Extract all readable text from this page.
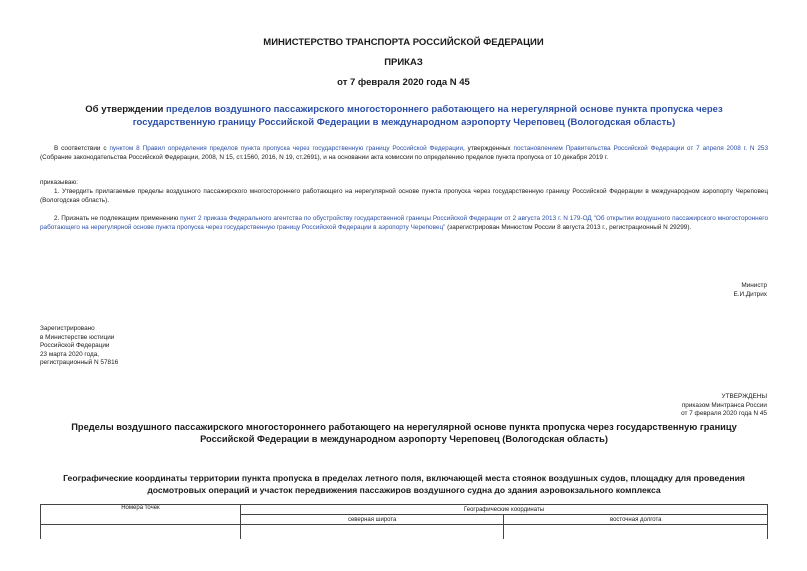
МИНИСТЕРСТВО ТРАНСПОРТА РОССИЙСКОЙ ФЕДЕРАЦИИ
ПРИКАЗ
от 7 февраля 2020 года N 45
Об утверждении пределов воздушного пассажирского многостороннего работающего на нерегулярной основе пункта пропуска через государственную границу Российской Федерации в международном аэропорту Череповец (Вологодская область)
В соответствии с пунктом 8 Правил определения пределов пункта пропуска через государственную границу Российской Федерации, утвержденных постановлением Правительства Российской Федерации от 7 апреля 2008 г. N 253 (Собрание законодательства Российской Федерации, 2008, N 15, ст.1560, 2016, N 19, ст.2691), и на основании акта комиссии по определению пределов пункта пропуска от 10 декабря 2019 г.
приказываю:
1. Утвердить прилагаемые пределы воздушного пассажирского многостороннего работающего на нерегулярной основе пункта пропуска через государственную границу Российской Федерации в международном аэропорту Череповец (Вологодская область).
2. Признать не подлежащим применению пункт 2 приказа Федерального агентства по обустройству государственной границы Российской Федерации от 2 августа 2013 г. N 179-ОД "Об открытии воздушного пассажирского многостороннего работающего на нерегулярной основе пункта пропуска через государственную границу Российской Федерации в аэропорту Череповец" (зарегистрирован Минюстом России 8 августа 2013 г., регистрационный N 29299).
Министр
Е.И.Дитрих
Зарегистрировано
в Министерстве юстиции
Российской Федерации
23 марта 2020 года,
регистрационный N 57816
УТВЕРЖДЕНЫ
приказом Минтранса России
от 7 февраля 2020 года N 45
Пределы воздушного пассажирского многостороннего работающего на нерегулярной основе пункта пропуска через государственную границу Российской Федерации в международном аэропорту Череповец (Вологодская область)
Географические координаты территории пункта пропуска в пределах летного поля, включающей места стоянок воздушных судов, площадку для проведения досмотровых операций и участок передвижения пассажиров воздушного судна до здания аэровокзального комплекса
Номера точек	Географические координаты	
	северная широта	восточная долгота
